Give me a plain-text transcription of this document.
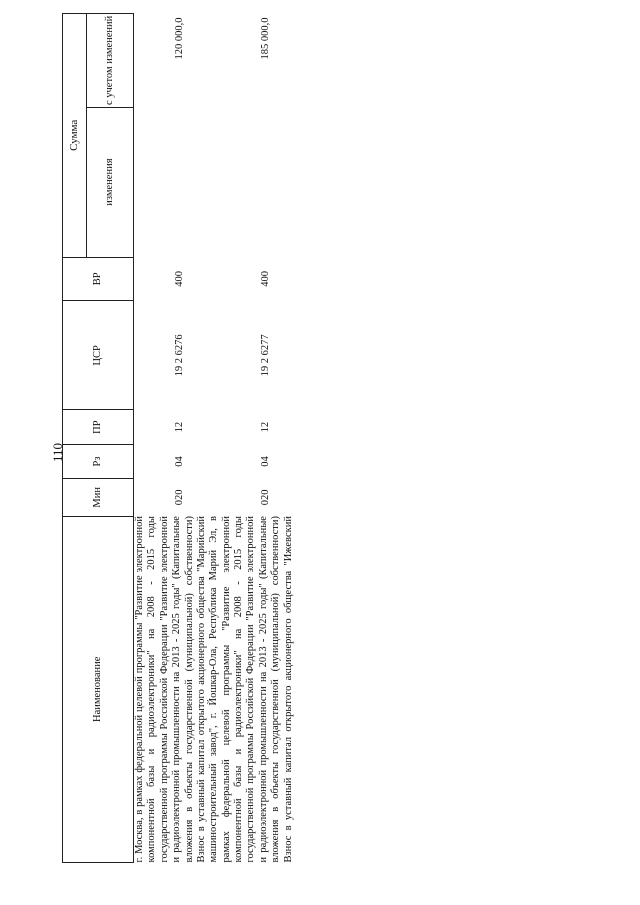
110
Наименование	Мин	Рз	ПР	ЦСР	ВР	Сумма	
						изменения	с учетом изменений
г. Москва, в рамках федеральной целевой программы "Развитие электронной компонентной базы и радиоэлектроники" на 2008 - 2015 годы государственной программы Российской Федерации "Развитие электронной и радиоэлектронной промышленности на 2013 - 2025 годы" (Капитальные вложения в объекты государственной (муниципальной) собственности)	020	04	12	19 2 6276	400		120 000,0
Взнос в уставный капитал открытого акционерного общества "Марийский машиностроительный завод", г. Йошкар-Ола, Республика Марий Эл, в рамках федеральной целевой программы "Развитие электронной компонентной базы и радиоэлектроники" на 2008 - 2015 годы государственной программы Российской Федерации "Развитие электронной и радиоэлектронной промышленности на 2013 - 2025 годы" (Капитальные вложения в объекты государственной (муниципальной) собственности)	020	04	12	19 2 6277	400		185 000,0
Взнос в уставный капитал открытого акционерного общества "Ижевский							
